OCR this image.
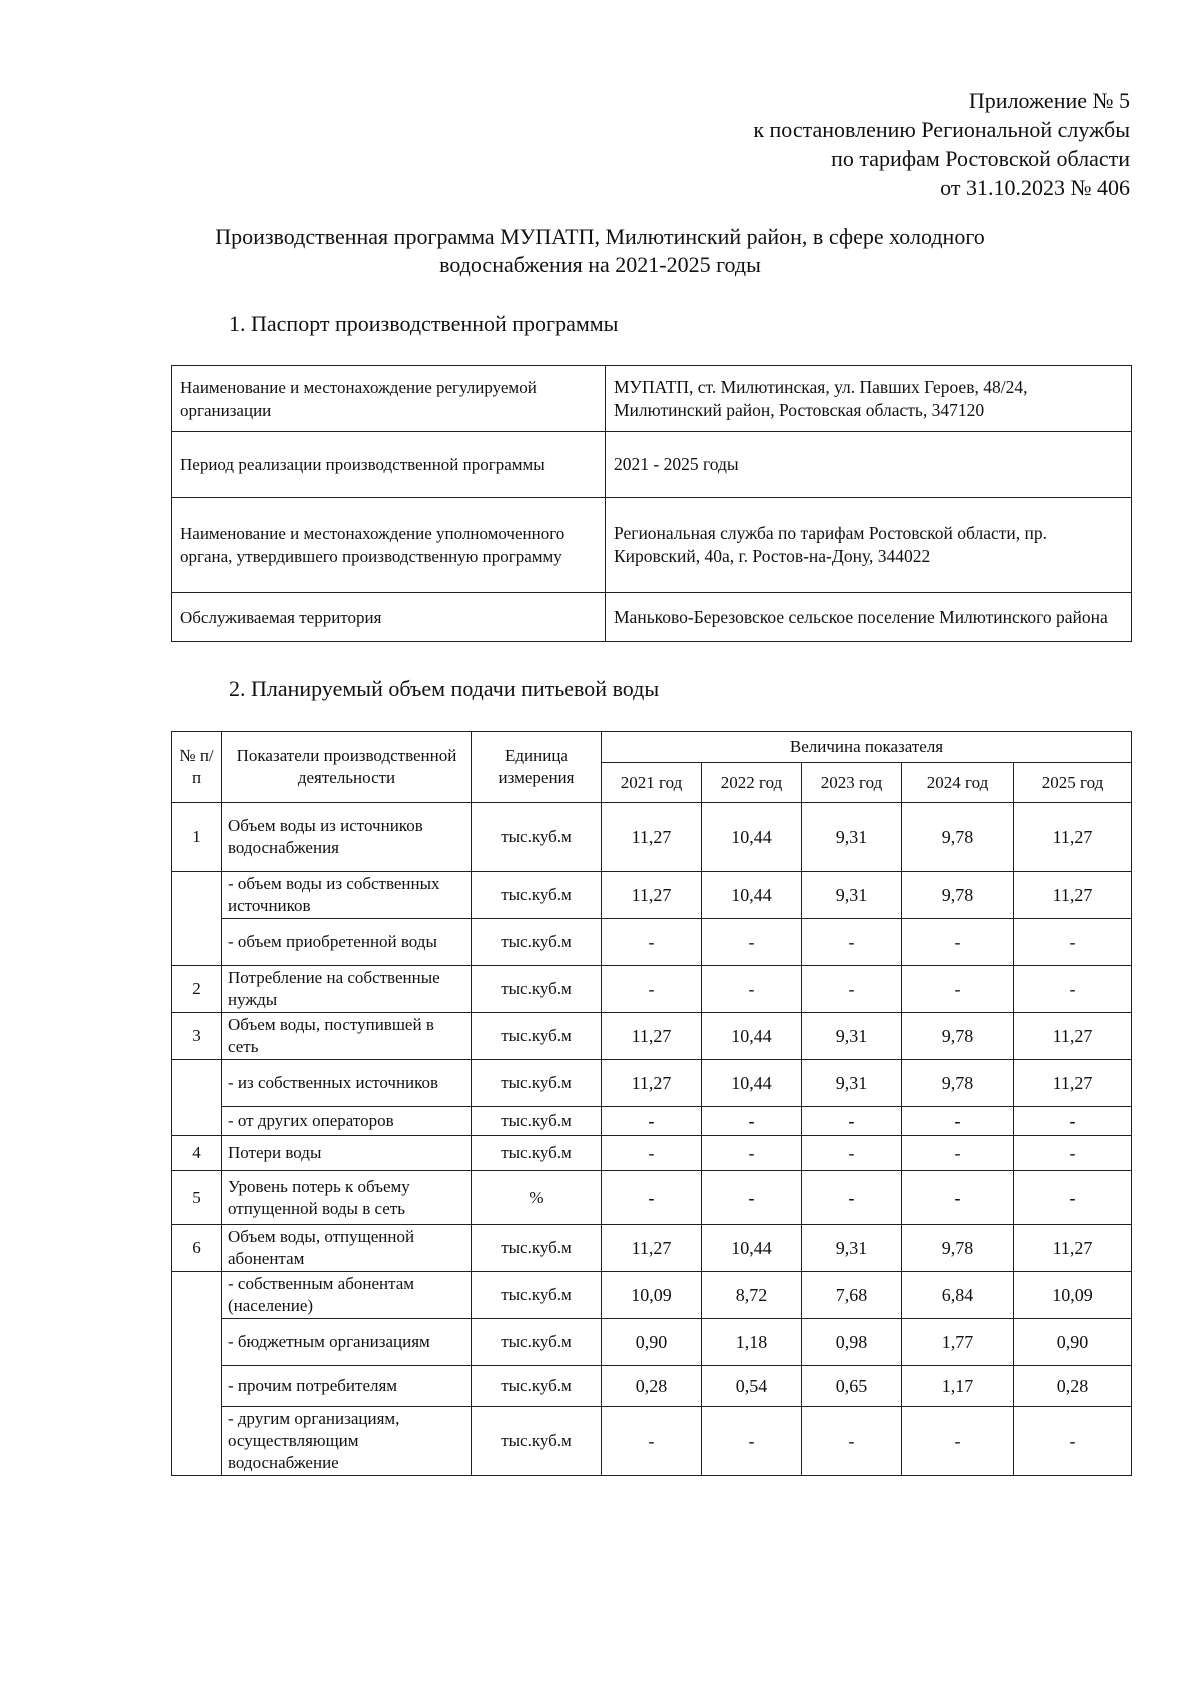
Приложение № 5
к постановлению Региональной службы
по тарифам Ростовской области
от 31.10.2023 № 406
Производственная программа МУПАТП, Милютинский район, в сфере холодного
водоснабжения на 2021-2025 годы
1. Паспорт производственной программы
Наименование и местонахождение регулируемой организации	МУПАТП, ст. Милютинская, ул. Павших Героев, 48/24, Милютинский район, Ростовская область, 347120
Период реализации производственной программы	2021 - 2025 годы
Наименование и местонахождение уполномоченного органа, утвердившего производственную программу	Региональная служба по тарифам Ростовской области, пр. Кировский, 40а, г. Ростов-на-Дону, 344022
Обслуживаемая территория	Маньково-Березовское сельское поселение Милютинского района
2. Планируемый объем подачи питьевой воды
№ п/п	Показатели производственной деятельности	Единица измерения	Величина показателя				
			2021 год	2022 год	2023 год	2024 год	2025 год
1	Объем воды из источников водоснабжения	тыс.куб.м	11,27	10,44	9,31	9,78	11,27
	- объем воды из собственных источников	тыс.куб.м	11,27	10,44	9,31	9,78	11,27
	- объем приобретенной воды	тыс.куб.м	-	-	-	-	-
2	Потребление на собственные нужды	тыс.куб.м	-	-	-	-	-
3	Объем воды, поступившей в сеть	тыс.куб.м	11,27	10,44	9,31	9,78	11,27
	- из собственных источников	тыс.куб.м	11,27	10,44	9,31	9,78	11,27
	- от других операторов	тыс.куб.м	-	-	-	-	-
4	Потери воды	тыс.куб.м	-	-	-	-	-
5	Уровень потерь к объему отпущенной воды в сеть	%	-	-	-	-	-
6	Объем воды, отпущенной абонентам	тыс.куб.м	11,27	10,44	9,31	9,78	11,27
	- собственным абонентам (население)	тыс.куб.м	10,09	8,72	7,68	6,84	10,09
	- бюджетным организациям	тыс.куб.м	0,90	1,18	0,98	1,77	0,90
	- прочим потребителям	тыс.куб.м	0,28	0,54	0,65	1,17	0,28
	- другим организациям, осуществляющим водоснабжение	тыс.куб.м	-	-	-	-	-
